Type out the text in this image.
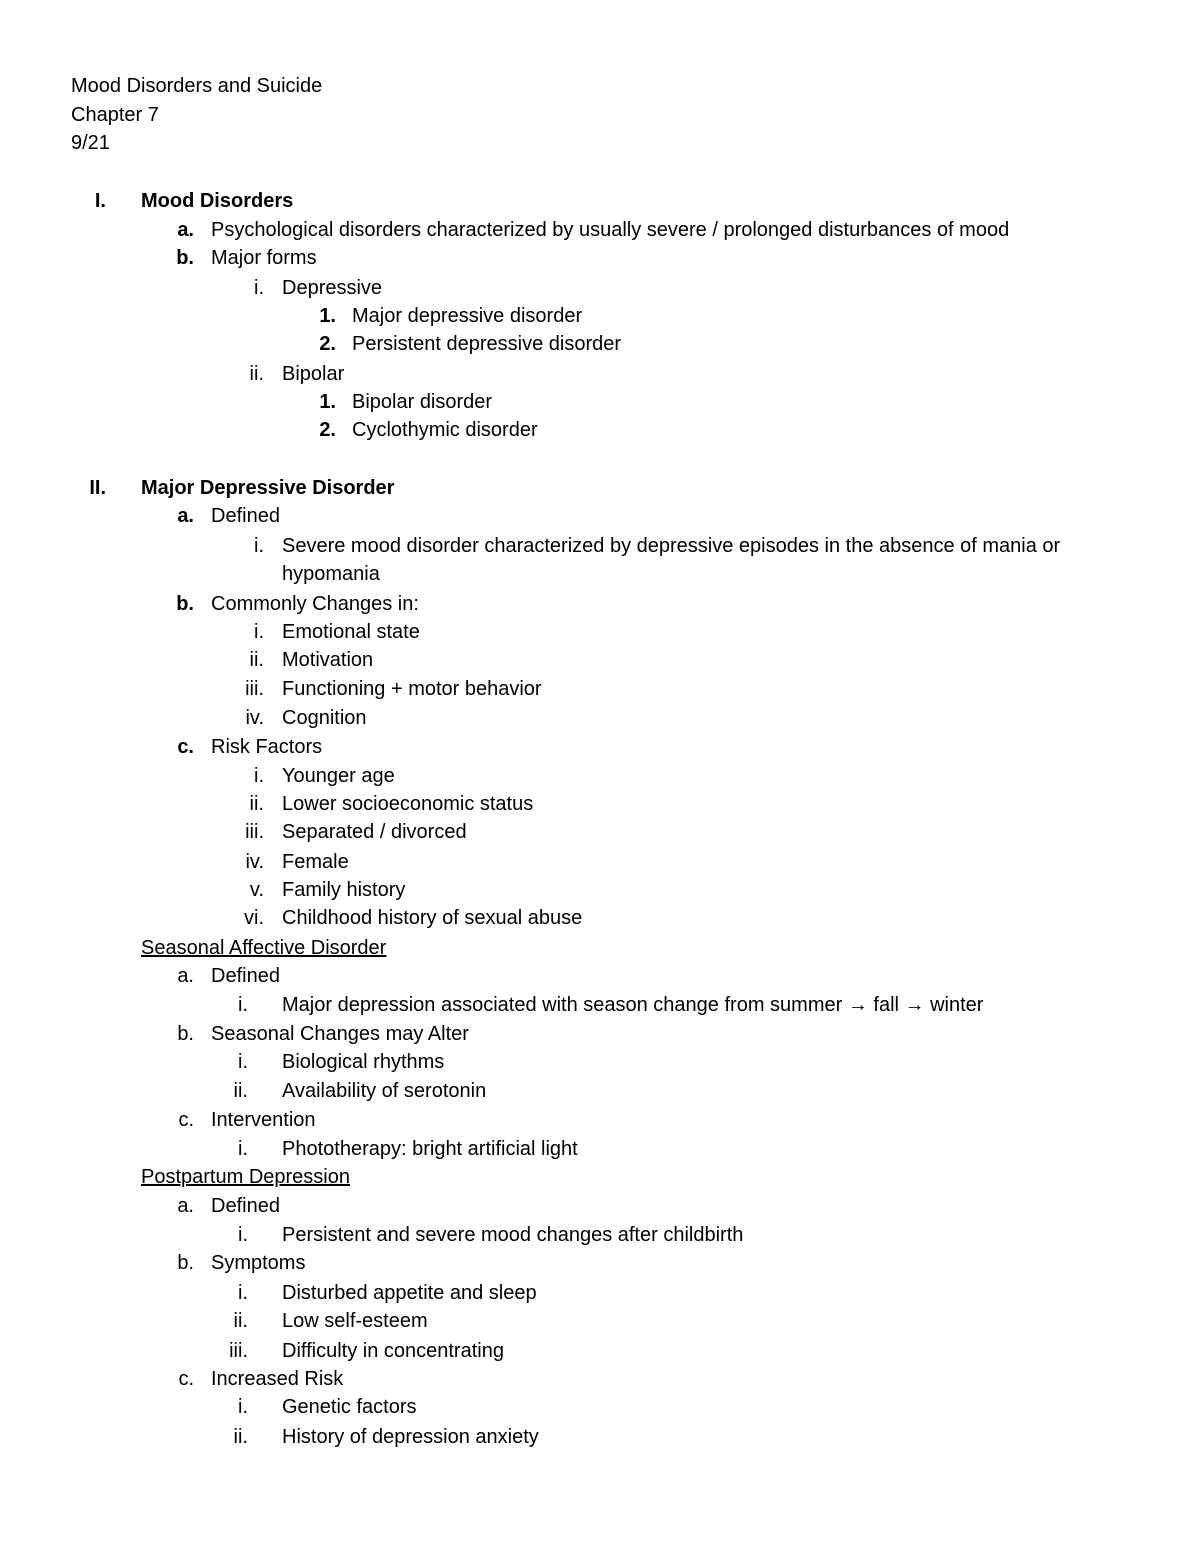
Mood Disorders and Suicide
Chapter 7
9/21
I. Mood Disorders
a. Psychological disorders characterized by usually severe / prolonged disturbances of mood
b. Major forms
i. Depressive
1. Major depressive disorder
2. Persistent depressive disorder
ii. Bipolar
1. Bipolar disorder
2. Cyclothymic disorder
II. Major Depressive Disorder
a. Defined
i. Severe mood disorder characterized by depressive episodes in the absence of mania or
hypomania
b. Commonly Changes in:
i. Emotional state
ii. Motivation
iii. Functioning + motor behavior
iv. Cognition
c. Risk Factors
i. Younger age
ii. Lower socioeconomic status
iii. Separated / divorced
iv. Female
v. Family history
vi. Childhood history of sexual abuse
Seasonal Affective Disorder
a. Defined
i. Major depression associated with season change from summer → fall → winter
b. Seasonal Changes may Alter
i. Biological rhythms
ii. Availability of serotonin
c. Intervention
i. Phototherapy: bright artificial light
Postpartum Depression
a. Defined
i. Persistent and severe mood changes after childbirth
b. Symptoms
i. Disturbed appetite and sleep
ii. Low self-esteem
iii. Difficulty in concentrating
c. Increased Risk
i. Genetic factors
ii. History of depression anxiety
